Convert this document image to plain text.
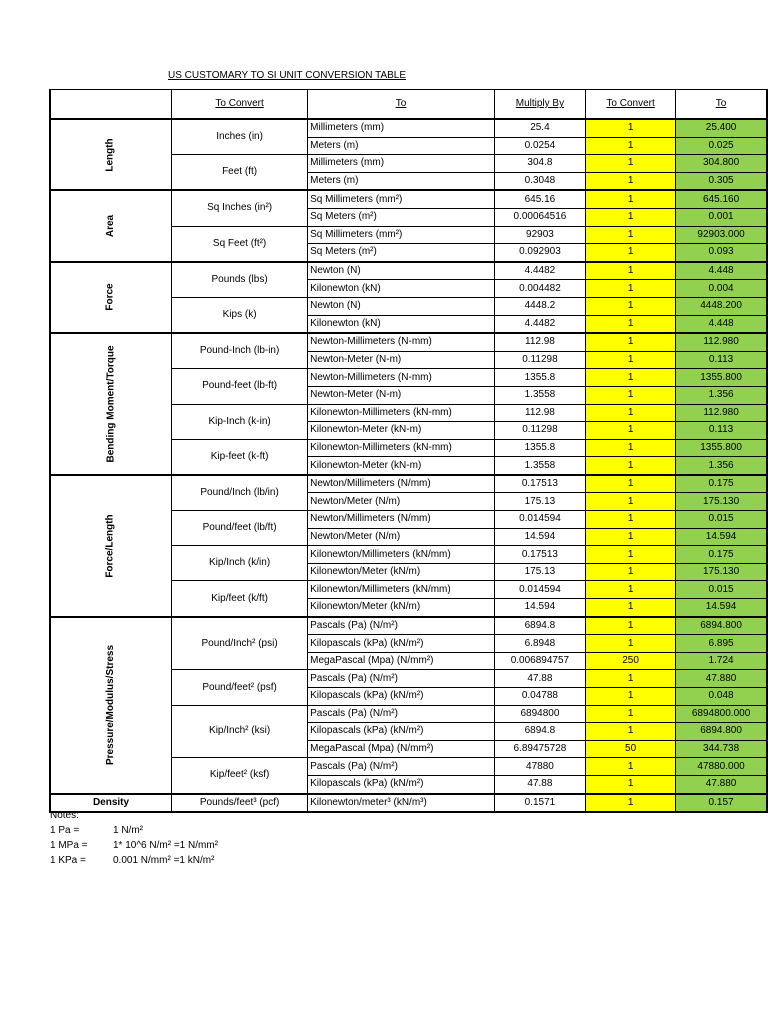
US CUSTOMARY TO SI UNIT CONVERSION TABLE
	To Convert	To	Multiply By	To Convert	To
Length	Inches (in)	Millimeters (mm)	25.4	1	25.400
		Meters (m)	0.0254	1	0.025
	Feet (ft)	Millimeters (mm)	304.8	1	304.800
		Meters (m)	0.3048	1	0.305
Area	Sq Inches (in²)	Sq Millimeters (mm²)	645.16	1	645.160
		Sq Meters (m²)	0.00064516	1	0.001
	Sq Feet (ft²)	Sq Millimeters (mm²)	92903	1	92903.000
		Sq Meters (m²)	0.092903	1	0.093
Force	Pounds (lbs)	Newton (N)	4.4482	1	4.448
		Kilonewton (kN)	0.004482	1	0.004
	Kips (k)	Newton (N)	4448.2	1	4448.200
		Kilonewton (kN)	4.4482	1	4.448
Bending Moment/Torque	Pound-Inch (lb-in)	Newton-Millimeters (N-mm)	112.98	1	112.980
		Newton-Meter (N-m)	0.11298	1	0.113
	Pound-feet (lb-ft)	Newton-Millimeters (N-mm)	1355.8	1	1355.800
		Newton-Meter (N-m)	1.3558	1	1.356
	Kip-Inch (k-in)	Kilonewton-Millimeters (kN-mm)	112.98	1	112.980
		Kilonewton-Meter (kN-m)	0.11298	1	0.113
	Kip-feet (k-ft)	Kilonewton-Millimeters (kN-mm)	1355.8	1	1355.800
		Kilonewton-Meter (kN-m)	1.3558	1	1.356
Force/Length	Pound/Inch (lb/in)	Newton/Millimeters (N/mm)	0.17513	1	0.175
		Newton/Meter (N/m)	175.13	1	175.130
	Pound/feet (lb/ft)	Newton/Millimeters (N/mm)	0.014594	1	0.015
		Newton/Meter (N/m)	14.594	1	14.594
	Kip/Inch (k/in)	Kilonewton/Millimeters (kN/mm)	0.17513	1	0.175
		Kilonewton/Meter (kN/m)	175.13	1	175.130
	Kip/feet (k/ft)	Kilonewton/Millimeters (kN/mm)	0.014594	1	0.015
		Kilonewton/Meter (kN/m)	14.594	1	14.594
Pressure/Modulus/Stress	Pound/Inch² (psi)	Pascals (Pa) (N/m²)	6894.8	1	6894.800
		Kilopascals (kPa) (kN/m²)	6.8948	1	6.895
		MegaPascal (Mpa) (N/mm²)	0.006894757	250	1.724
	Pound/feet² (psf)	Pascals (Pa) (N/m²)	47.88	1	47.880
		Kilopascals (kPa) (kN/m²)	0.04788	1	0.048
	Kip/Inch² (ksi)	Pascals (Pa) (N/m²)	6894800	1	6894800.000
		Kilopascals (kPa) (kN/m²)	6894.8	1	6894.800
		MegaPascal (Mpa) (N/mm²)	6.89475728	50	344.738
	Kip/feet² (ksf)	Pascals (Pa) (N/m²)	47880	1	47880.000
		Kilopascals (kPa) (kN/m²)	47.88	1	47.880
Density	Pounds/feet³ (pcf)	Kilonewton/meter³ (kN/m³)	0.1571	1	0.157
Notes:
1 Pa =	1 N/m²
1 MPa =	1* 10^6 N/m² =1 N/mm²
1 KPa =	0.001 N/mm² =1 kN/m²
